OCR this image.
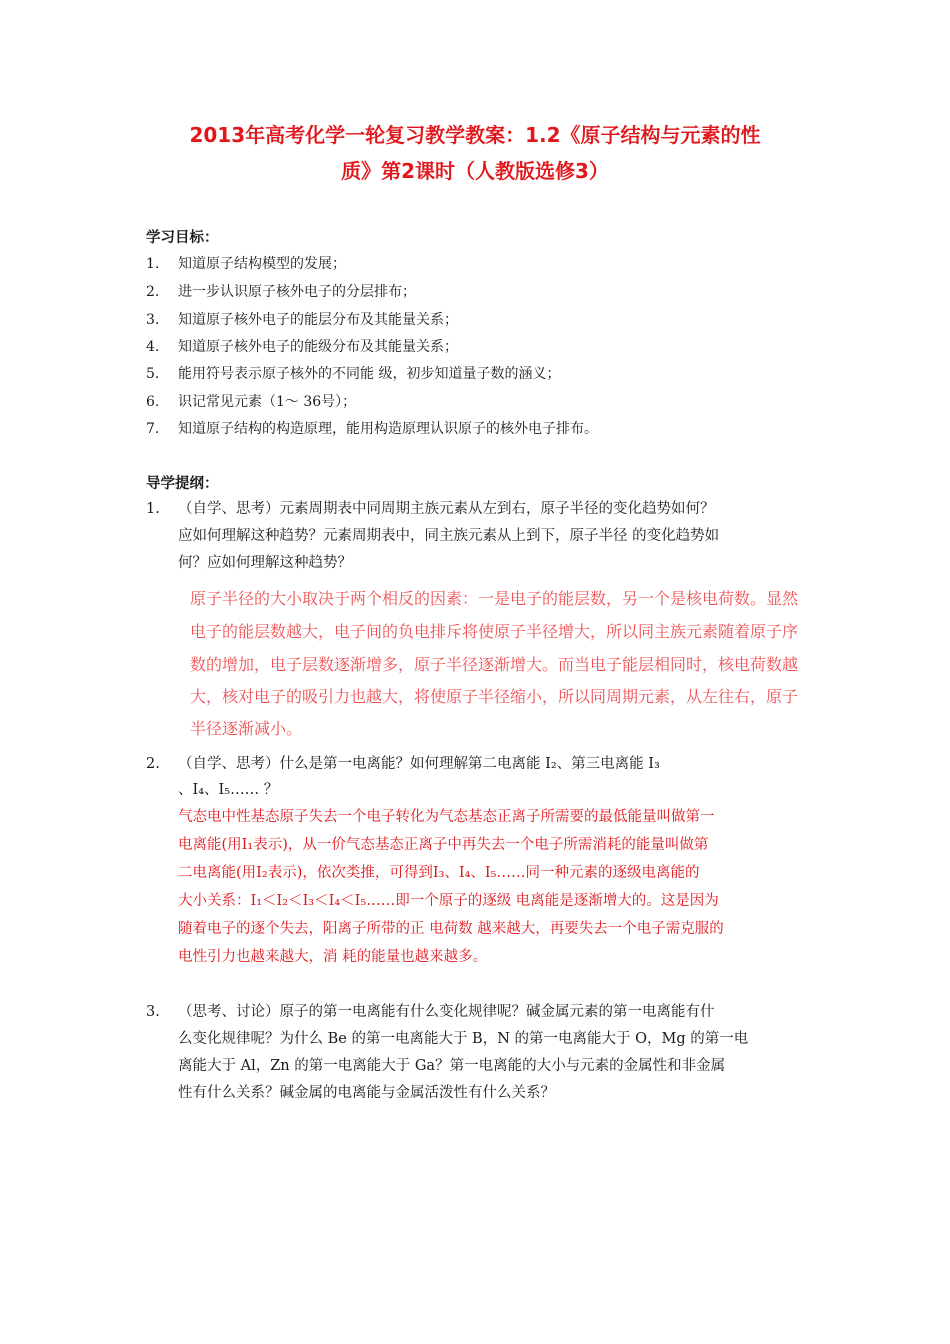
2013年高考化学一轮复习教学教案：1.2《原子结构与元素的性
质》第2课时（人教版选修3）
学习目标：
1. 知道原子结构模型的发展；
2. 进一步认识原子核外电子的分层排布；
3. 知道原子核外电子的能层分布及其能量关系；
4. 知道原子核外电子的能级分布及其能量关系；
5. 能用符号表示原子核外的不同能 级，初步知道量子数的涵义；
6. 识记常见元素（1～ 36号）；
7. 知道原子结构的构造原理，能用构造原理认识原子的核外电子排布。
导学提纲：
1. （自学、思考）元素周期表中同周期主族元素从左到右，原子半径的变化趋势如何？
应如何理解这种趋势？元素周期表中，同主族元素从上到下，原子半径 的变化趋势如
何？应如何理解这种趋势？
原子半径的大小取决于两个相反的因素：一是电子的能层数，另一个是核电荷数。显然
电子的能层数越大，电子间的负电排斥将使原子半径增大，所以同主族元素随着原子序
数的增加，电子层数逐渐增多，原子半径逐渐增大。而当电子能层相同时，核电荷数越
大，核对电子的吸引力也越大，将使原子半径缩小，所以同周期元素，从左往右，原子
半径逐渐减小。
2. （自学、思考）什么是第一电离能？如何理解第二电离能 I₂、第三电离能 I₃
、I₄、I₅…… ？
气态电中性基态原子失去一个电子转化为气态基态正离子所需要的最低能量叫做第一
电离能(用I₁表示)，从一价气态基态正离子中再失去一个电子所需消耗的能量叫做第
二电离能(用I₂表示)，依次类推，可得到I₃、I₄、I₅……同一种元素的逐级电离能的
大小关系：I₁＜I₂＜I₃＜I₄＜I₅……即一个原子的逐级 电离能是逐渐增大的。这是因为
随着电子的逐个失去，阳离子所带的正 电荷数 越来越大，再要失去一个电子需克服的
电性引力也越来越大，消 耗的能量也越来越多。
3. （思考、讨论）原子的第一电离能有什么变化规律呢？碱金属元素的第一电离能有什
么变化规律呢？为什么 Be 的第一电离能大于 B，N 的第一电离能大于 O，Mg 的第一电
离能大于 Al，Zn 的第一电离能大于 Ga？第一电离能的大小与元素的金属性和非金属
性有什么关系？碱金属的电离能与金属活泼性有什么关系？
